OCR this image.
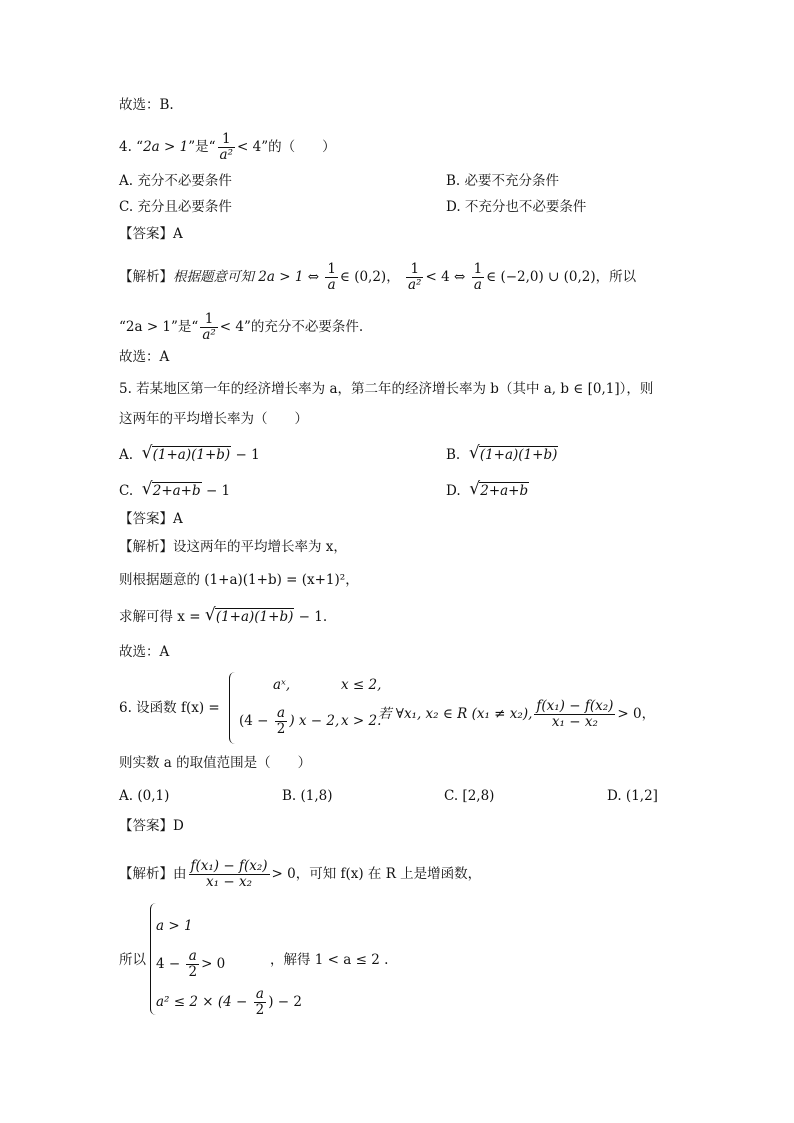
故选：B.
4. “2a > 1”是“ $\frac{1}{\text{a²}} < 4$”的（　　）
A. 充分不必要条件	B. 必要不充分条件
C. 充分且必要条件	D. 不充分也不必要条件
【答案】A
【解析】根据题意可知 2a > 1 ⇔ $\frac{1}{a}$ ∈ (0,2)， $\frac{1}{\text{a²}} < 4$ ⇔ $\frac{1}{a}$ ∈ (−2,0) ∪ (0,2)，所以
“2a > 1”是“ $\frac{1}{\text{a²}} < 4$”的充分不必要条件.
故选：A
5. 若某地区第一年的经济增长率为 a，第二年的经济增长率为 b（其中 a, b ∈ [0,1]），则
这两年的平均增长率为（　　）
A. √ (1+a)(1+b) − 1	B. √ (1+a)(1+b)
C. √ 2+a+b − 1	D. √ 2+a+b
【答案】A
【解析】设这两年的平均增长率为 x，
则根据题意的 (1+a)(1+b) = (x+1)²，
求解可得 x = √ (1+a)(1+b) − 1.
故选：A
6. 设函数 f(x) =
aˣ,	x ≤ 2,
($4 - \frac{a}{2}$ ) x − 2, x > 2.
若 ∀x₁, x₂ ∈ R (x₁ ≠ x₂), $\frac{\text{f(x₁) − f(x₂)}}{\text{x₁ − x₂}} > 0$，
则实数 a 的取值范围是（　　）
A. (0,1)	B. (1,8)	C. [2,8)	D. (1,2]
【答案】D
【解析】由 $\frac{\text{f(x₁) − f(x₂)}}{\text{x₁ − x₂}} > 0$，可知 f(x) 在 R 上是增函数，
所以
a > 1
$4 - \frac{a}{2} > 0$
$a^2 \le 2 \times (4 - \frac{a}{2}$ ) − 2
，解得 1 < a ≤ 2 .
